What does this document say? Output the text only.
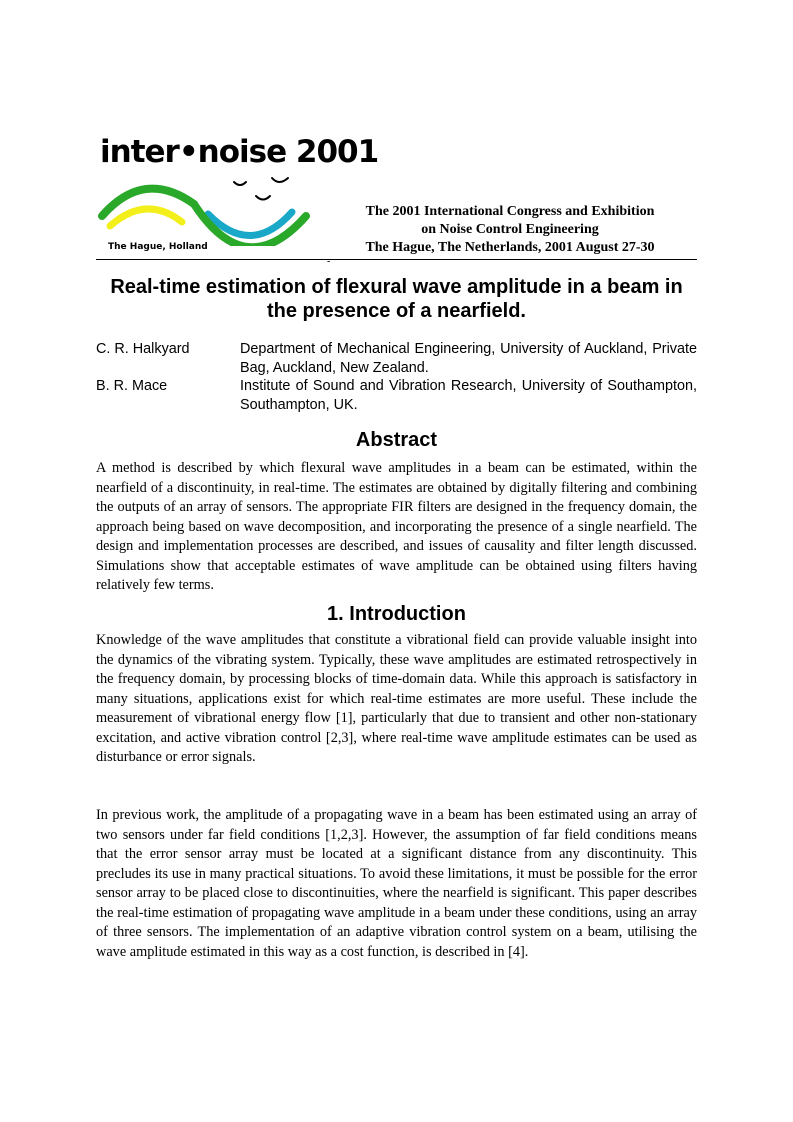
inter•noise 2001
The Hague, Holland
The 2001 International Congress and Exhibition
on Noise Control Engineering
The Hague, The Netherlands, 2001 August 27-30
-
Real-time estimation of flexural wave amplitude in a beam in the presence of a nearfield.
C. R. Halkyard	Department of Mechanical Engineering, University of Auckland, Private Bag, Auckland, New Zealand.
B. R. Mace	Institute of Sound and Vibration Research, University of Southampton, Southampton, UK.
Abstract
A method is described by which flexural wave amplitudes in a beam can be estimated, within the nearfield of a discontinuity, in real-time. The estimates are obtained by digitally filtering and combining the outputs of an array of sensors. The appropriate FIR filters are designed in the frequency domain, the approach being based on wave decomposition, and incorporating the presence of a single nearfield. The design and implementation processes are described, and issues of causality and filter length discussed. Simulations show that acceptable estimates of wave amplitude can be obtained using filters having relatively few terms.
1. Introduction
Knowledge of the wave amplitudes that constitute a vibrational field can provide valuable insight into the dynamics of the vibrating system. Typically, these wave amplitudes are estimated retrospectively in the frequency domain, by processing blocks of time-domain data. While this approach is satisfactory in many situations, applications exist for which real-time estimates are more useful. These include the measurement of vibrational energy flow [1], particularly that due to transient and other non-stationary excitation, and active vibration control [2,3], where real-time wave amplitude estimates can be used as disturbance or error signals.
In previous work, the amplitude of a propagating wave in a beam has been estimated using an array of two sensors under far field conditions [1,2,3]. However, the assumption of far field conditions means that the error sensor array must be located at a significant distance from any discontinuity. This precludes its use in many practical situations. To avoid these limitations, it must be possible for the error sensor array to be placed close to discontinuities, where the nearfield is significant. This paper describes the real-time estimation of propagating wave amplitude in a beam under these conditions, using an array of three sensors. The implementation of an adaptive vibration control system on a beam, utilising the wave amplitude estimated in this way as a cost function, is described in [4].
